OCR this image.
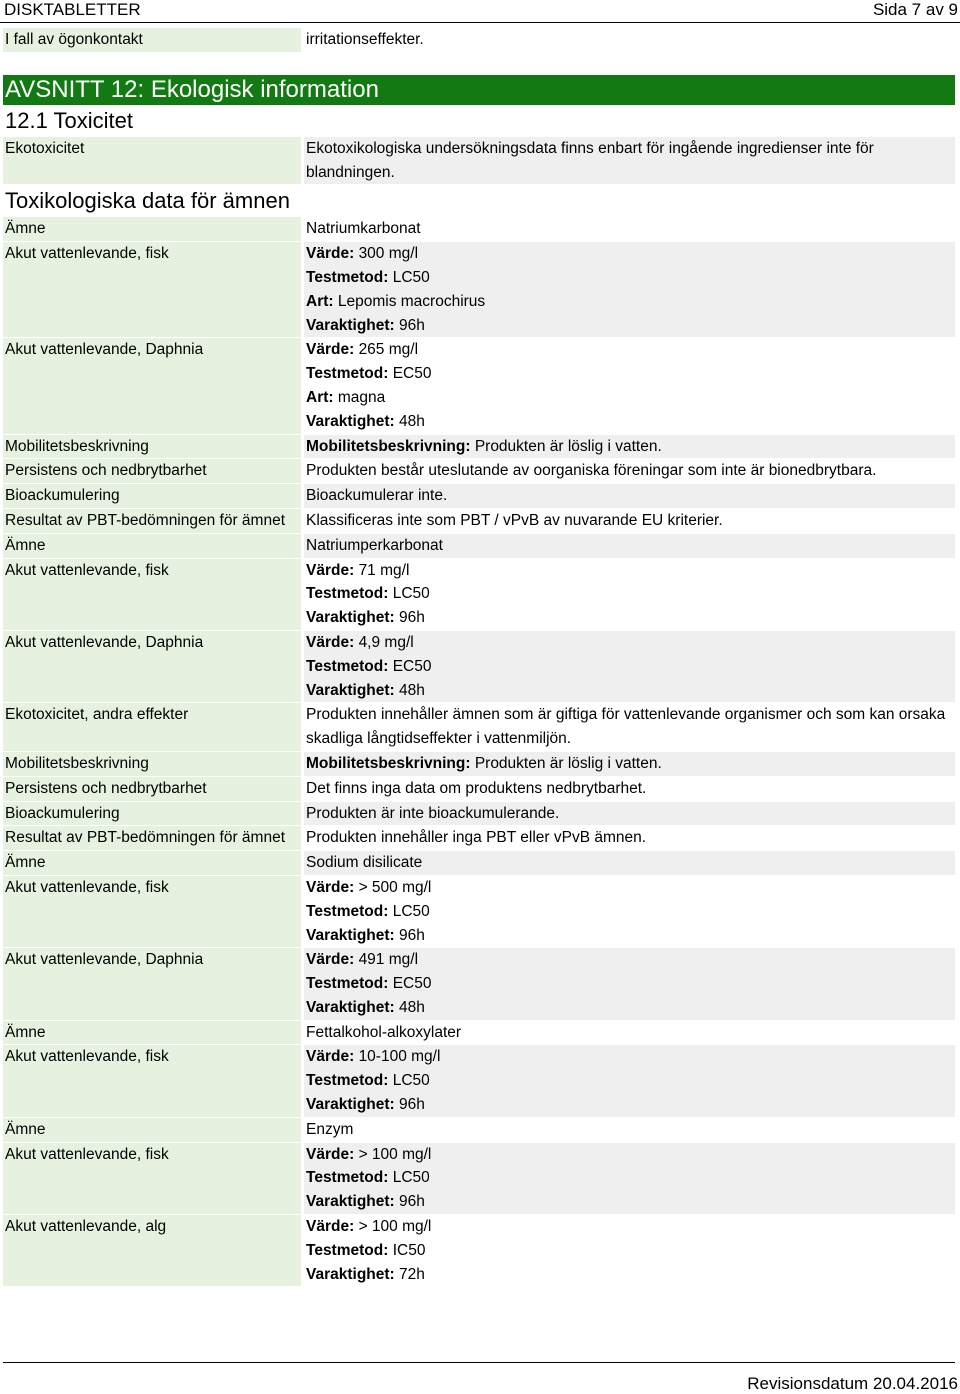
DISKTABLETTER	Sida 7 av 9
I fall av ögonkontakt	irritationseffekter.
AVSNITT 12: Ekologisk information
12.1 Toxicitet
Ekotoxicitet	Ekotoxikologiska undersökningsdata finns enbart för ingående ingredienser inte för blandningen.
Toxikologiska data för ämnen
Ämne	Natriumkarbonat
Akut vattenlevande, fisk	Värde: 300 mg/l
Testmetod: LC50
Art: Lepomis macrochirus
Varaktighet: 96h
Akut vattenlevande, Daphnia	Värde: 265 mg/l
Testmetod: EC50
Art: magna
Varaktighet: 48h
Mobilitetsbeskrivning	Mobilitetsbeskrivning: Produkten är löslig i vatten.
Persistens och nedbrytbarhet	Produkten består uteslutande av oorganiska föreningar som inte är bionedbrytbara.
Bioackumulering	Bioackumulerar inte.
Resultat av PBT-bedömningen för ämnet	Klassificeras inte som PBT / vPvB av nuvarande EU kriterier.
Ämne	Natriumperkarbonat
Akut vattenlevande, fisk	Värde: 71 mg/l
Testmetod: LC50
Varaktighet: 96h
Akut vattenlevande, Daphnia	Värde: 4,9 mg/l
Testmetod: EC50
Varaktighet: 48h
Ekotoxicitet, andra effekter	Produkten innehåller ämnen som är giftiga för vattenlevande organismer och som kan orsaka skadliga långtidseffekter i vattenmiljön.
Mobilitetsbeskrivning	Mobilitetsbeskrivning: Produkten är löslig i vatten.
Persistens och nedbrytbarhet	Det finns inga data om produktens nedbrytbarhet.
Bioackumulering	Produkten är inte bioackumulerande.
Resultat av PBT-bedömningen för ämnet	Produkten innehåller inga PBT eller vPvB ämnen.
Ämne	Sodium disilicate
Akut vattenlevande, fisk	Värde: > 500 mg/l
Testmetod: LC50
Varaktighet: 96h
Akut vattenlevande, Daphnia	Värde: 491 mg/l
Testmetod: EC50
Varaktighet: 48h
Ämne	Fettalkohol-alkoxylater
Akut vattenlevande, fisk	Värde: 10-100 mg/l
Testmetod: LC50
Varaktighet: 96h
Ämne	Enzym
Akut vattenlevande, fisk	Värde: > 100 mg/l
Testmetod: LC50
Varaktighet: 96h
Akut vattenlevande, alg	Värde: > 100 mg/l
Testmetod: IC50
Varaktighet: 72h
Revisionsdatum 20.04.2016
